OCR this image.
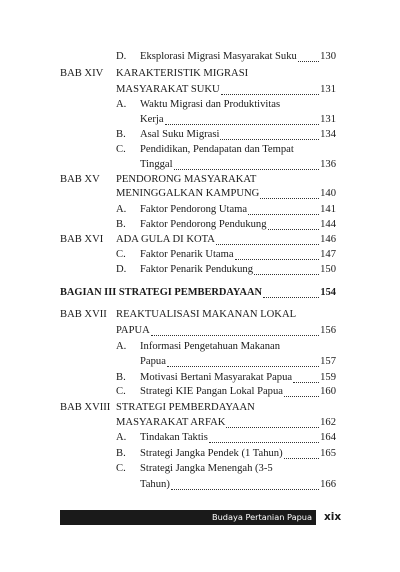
D. Eksplorasi Migrasi Masyarakat Suku	130
BAB XIV KARAKTERISTIK MIGRASI
MASYARAKAT SUKU	131
A. Waktu Migrasi dan Produktivitas
Kerja	131
B. Asal Suku Migrasi	134
C. Pendidikan, Pendapatan dan Tempat
Tinggal	136
BAB XV PENDORONG MASYARAKAT
MENINGGALKAN KAMPUNG	140
A. Faktor Pendorong Utama	141
B. Faktor Pendorong Pendukung	144
BAB XVI ADA GULA DI KOTA	146
C. Faktor Penarik Utama	147
D. Faktor Penarik Pendukung	150
BAGIAN III STRATEGI PEMBERDAYAAN	154
BAB XVII REAKTUALISASI MAKANAN LOKAL
PAPUA	156
A. Informasi Pengetahuan Makanan
Papua	157
B. Motivasi Bertani Masyarakat Papua	159
C. Strategi KIE Pangan Lokal Papua	160
BAB XVIII STRATEGI PEMBERDAYAAN
MASYARAKAT ARFAK	162
A. Tindakan Taktis	164
B. Strategi Jangka Pendek (1 Tahun)	165
C. Strategi Jangka Menengah (3-5
Tahun)	166
Budaya Pertanian Papua xix
